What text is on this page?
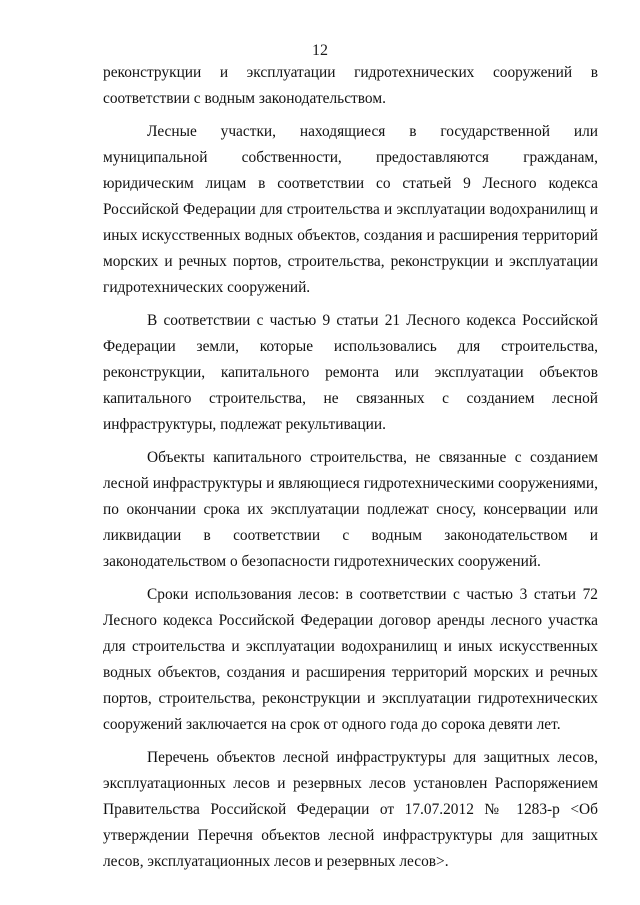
12

реконструкции и эксплуатации гидротехнических сооружений в соответствии с водным законодательством.

Лесные участки, находящиеся в государственной или муниципальной собственности, предоставляются гражданам, юридическим лицам в соответствии со статьей 9 Лесного кодекса Российской Федерации для строительства и эксплуатации водохранилищ и иных искусственных водных объектов, создания и расширения территорий морских и речных портов, строительства, реконструкции и эксплуатации гидротехнических сооружений.

В соответствии с частью 9 статьи 21 Лесного кодекса Российской Федерации земли, которые использовались для строительства, реконструкции, капитального ремонта или эксплуатации объектов капитального строительства, не связанных с созданием лесной инфраструктуры, подлежат рекультивации.

Объекты капитального строительства, не связанные с созданием лесной инфраструктуры и являющиеся гидротехническими сооружениями, по окончании срока их эксплуатации подлежат сносу, консервации или ликвидации в соответствии с водным законодательством и законодательством о безопасности гидротехнических сооружений.

Сроки использования лесов: в соответствии с частью 3 статьи 72 Лесного кодекса Российской Федерации договор аренды лесного участка для строительства и эксплуатации водохранилищ и иных искусственных водных объектов, создания и расширения территорий морских и речных портов, строительства, реконструкции и эксплуатации гидротехнических сооружений заключается на срок от одного года до сорока девяти лет.

Перечень объектов лесной инфраструктуры для защитных лесов, эксплуатационных лесов и резервных лесов установлен Распоряжением Правительства Российской Федерации от 17.07.2012 № 1283-р <Об утверждении Перечня объектов лесной инфраструктуры для защитных лесов, эксплуатационных лесов и резервных лесов>.
